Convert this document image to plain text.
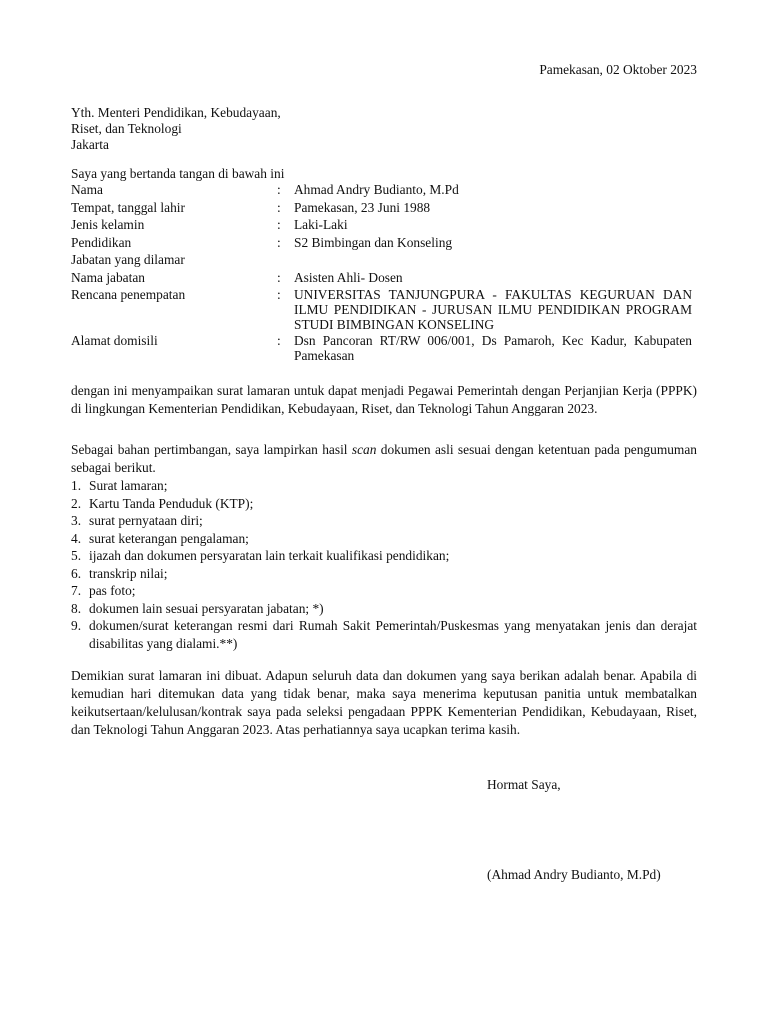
Pamekasan, 02 Oktober 2023
Yth. Menteri Pendidikan, Kebudayaan,
Riset, dan Teknologi
Jakarta
Saya yang bertanda tangan di bawah ini
Nama	: Ahmad Andry Budianto, M.Pd
Tempat, tanggal lahir	: Pamekasan, 23 Juni 1988
Jenis kelamin	: Laki-Laki
Pendidikan	: S2 Bimbingan dan Konseling
Jabatan yang dilamar
Nama jabatan	: Asisten Ahli- Dosen
Rencana penempatan	: UNIVERSITAS TANJUNGPURA - FAKULTAS KEGURUAN DAN ILMU PENDIDIKAN - JURUSAN ILMU PENDIDIKAN PROGRAM STUDI BIMBINGAN KONSELING
Alamat domisili	: Dsn Pancoran RT/RW 006/001, Ds Pamaroh, Kec Kadur, Kabupaten Pamekasan
dengan ini menyampaikan surat lamaran untuk dapat menjadi Pegawai Pemerintah dengan Perjanjian Kerja (PPPK) di lingkungan Kementerian Pendidikan, Kebudayaan, Riset, dan Teknologi Tahun Anggaran 2023.
Sebagai bahan pertimbangan, saya lampirkan hasil scan dokumen asli sesuai dengan ketentuan pada pengumuman sebagai berikut.
1. Surat lamaran;
2. Kartu Tanda Penduduk (KTP);
3. surat pernyataan diri;
4. surat keterangan pengalaman;
5. ijazah dan dokumen persyaratan lain terkait kualifikasi pendidikan;
6. transkrip nilai;
7. pas foto;
8. dokumen lain sesuai persyaratan jabatan; *)
9. dokumen/surat keterangan resmi dari Rumah Sakit Pemerintah/Puskesmas yang menyatakan jenis dan derajat disabilitas yang dialami.**)
Demikian surat lamaran ini dibuat. Adapun seluruh data dan dokumen yang saya berikan adalah benar. Apabila di kemudian hari ditemukan data yang tidak benar, maka saya menerima keputusan panitia untuk membatalkan keikutsertaan/kelulusan/kontrak saya pada seleksi pengadaan PPPK Kementerian Pendidikan, Kebudayaan, Riset, dan Teknologi Tahun Anggaran 2023. Atas perhatiannya saya ucapkan terima kasih.
Hormat Saya,
(Ahmad Andry Budianto, M.Pd)
